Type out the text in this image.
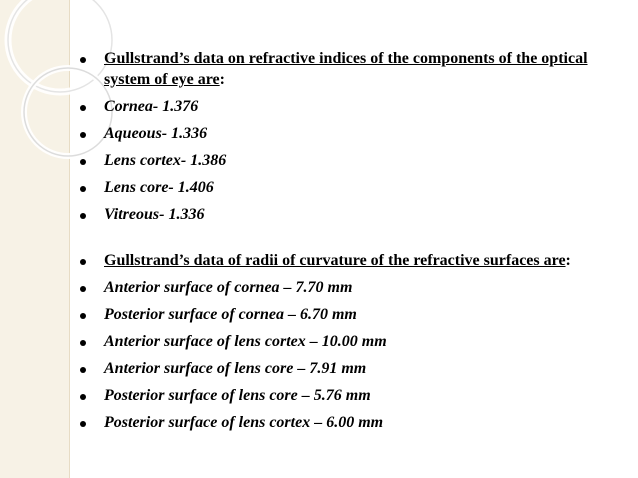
Gullstrand’s data on refractive indices of the components of the optical system of eye are:
Cornea- 1.376
Aqueous- 1.336
Lens cortex- 1.386
Lens core- 1.406
Vitreous- 1.336
Gullstrand’s data of radii of curvature of the refractive surfaces are:
Anterior surface of cornea – 7.70 mm
Posterior surface of cornea – 6.70 mm
Anterior surface of lens cortex – 10.00 mm
Anterior surface of lens core – 7.91 mm
Posterior surface of lens core – 5.76 mm
Posterior surface of lens cortex – 6.00 mm
